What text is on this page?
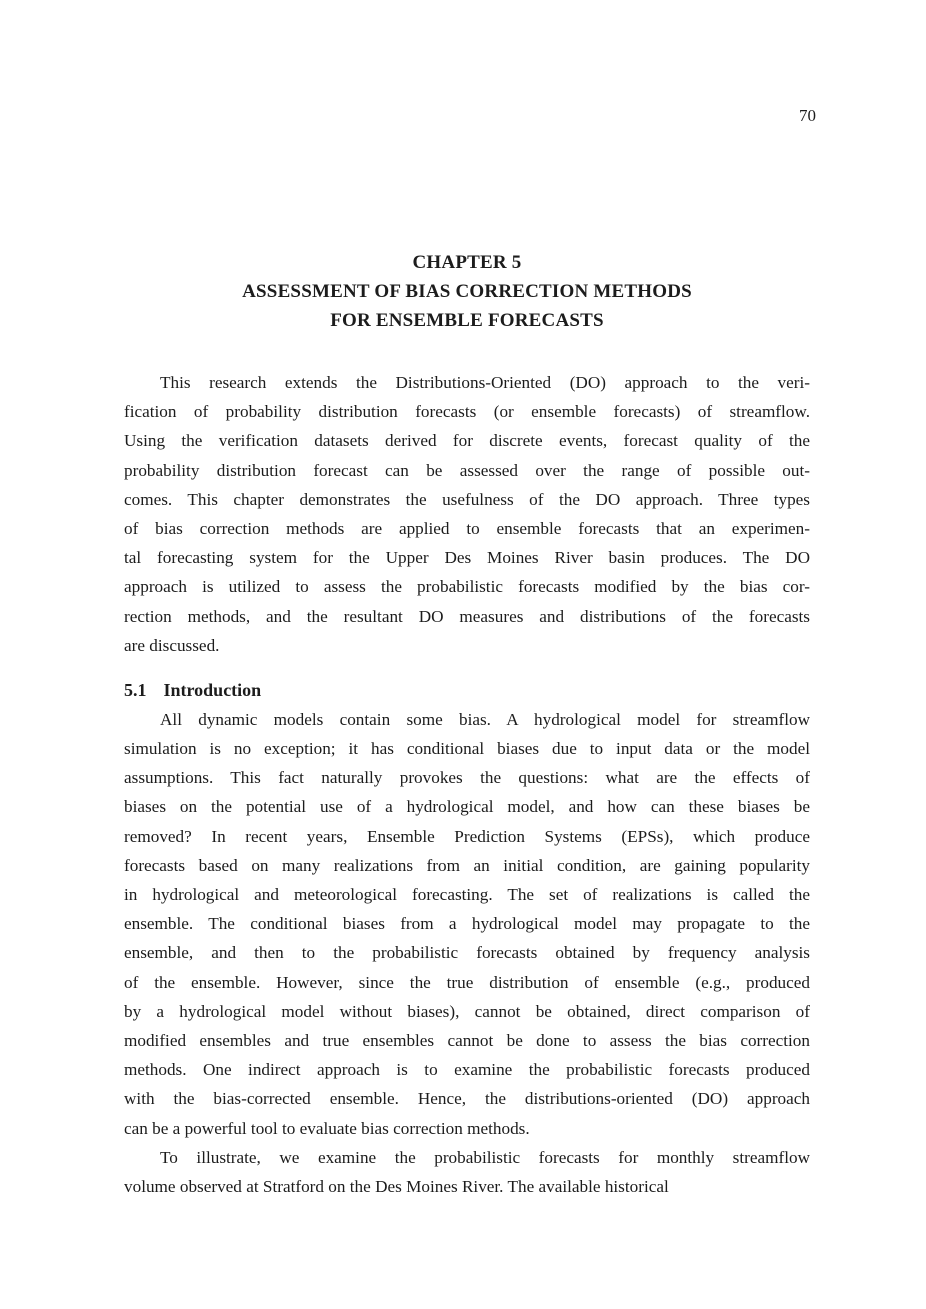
70
CHAPTER 5
ASSESSMENT OF BIAS CORRECTION METHODS
FOR ENSEMBLE FORECASTS
This research extends the Distributions-Oriented (DO) approach to the veri-
fication of probability distribution forecasts (or ensemble forecasts) of streamflow.
Using the verification datasets derived for discrete events, forecast quality of the
probability distribution forecast can be assessed over the range of possible out-
comes. This chapter demonstrates the usefulness of the DO approach. Three types
of bias correction methods are applied to ensemble forecasts that an experimen-
tal forecasting system for the Upper Des Moines River basin produces. The DO
approach is utilized to assess the probabilistic forecasts modified by the bias cor-
rection methods, and the resultant DO measures and distributions of the forecasts
are discussed.
5.1 Introduction
All dynamic models contain some bias. A hydrological model for streamflow
simulation is no exception; it has conditional biases due to input data or the model
assumptions. This fact naturally provokes the questions: what are the effects of
biases on the potential use of a hydrological model, and how can these biases be
removed? In recent years, Ensemble Prediction Systems (EPSs), which produce
forecasts based on many realizations from an initial condition, are gaining popularity
in hydrological and meteorological forecasting. The set of realizations is called the
ensemble. The conditional biases from a hydrological model may propagate to the
ensemble, and then to the probabilistic forecasts obtained by frequency analysis
of the ensemble. However, since the true distribution of ensemble (e.g., produced
by a hydrological model without biases), cannot be obtained, direct comparison of
modified ensembles and true ensembles cannot be done to assess the bias correction
methods. One indirect approach is to examine the probabilistic forecasts produced
with the bias-corrected ensemble. Hence, the distributions-oriented (DO) approach
can be a powerful tool to evaluate bias correction methods.
To illustrate, we examine the probabilistic forecasts for monthly streamflow
volume observed at Stratford on the Des Moines River. The available historical
